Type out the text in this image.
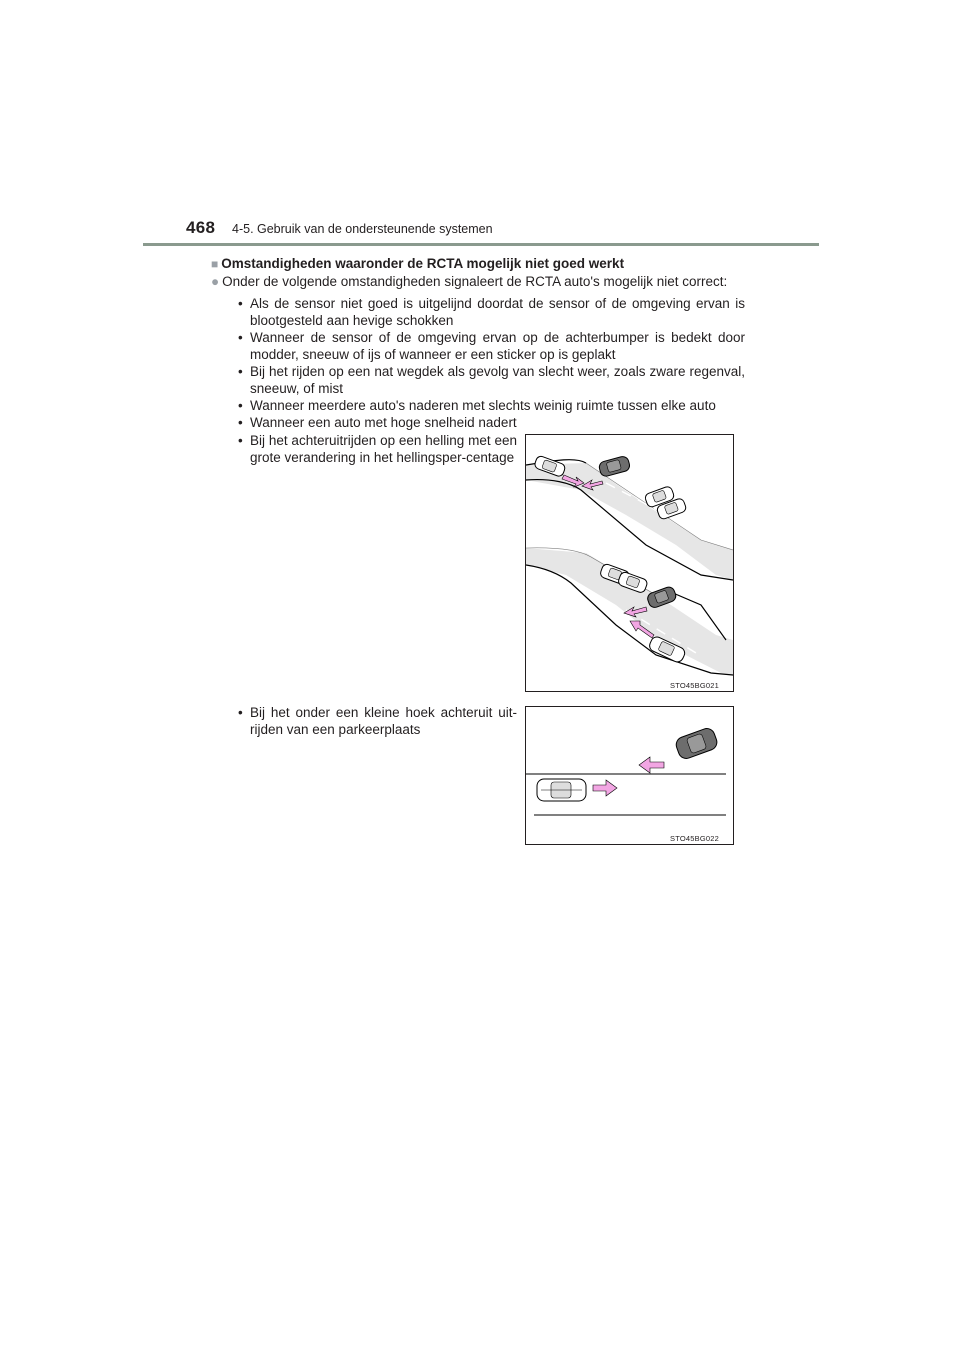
468 4-5. Gebruik van de ondersteunende systemen
■ Omstandigheden waaronder de RCTA mogelijk niet goed werkt
● Onder de volgende omstandigheden signaleert de RCTA auto's mogelijk niet correct:
• Als de sensor niet goed is uitgelijnd doordat de sensor of de omgeving ervan is blootgesteld aan hevige schokken
• Wanneer de sensor of de omgeving ervan op de achterbumper is bedekt door modder, sneeuw of ijs of wanneer er een sticker op is geplakt
• Bij het rijden op een nat wegdek als gevolg van slecht weer, zoals zware regenval, sneeuw, of mist
• Wanneer meerdere auto's naderen met slechts weinig ruimte tussen elke auto
• Wanneer een auto met hoge snelheid nadert
• Bij het achteruitrijden op een helling met een grote verandering in het hellingsper-centage
STO45BG021
• Bij het onder een kleine hoek achteruit uit-rijden van een parkeerplaats
STO45BG022
